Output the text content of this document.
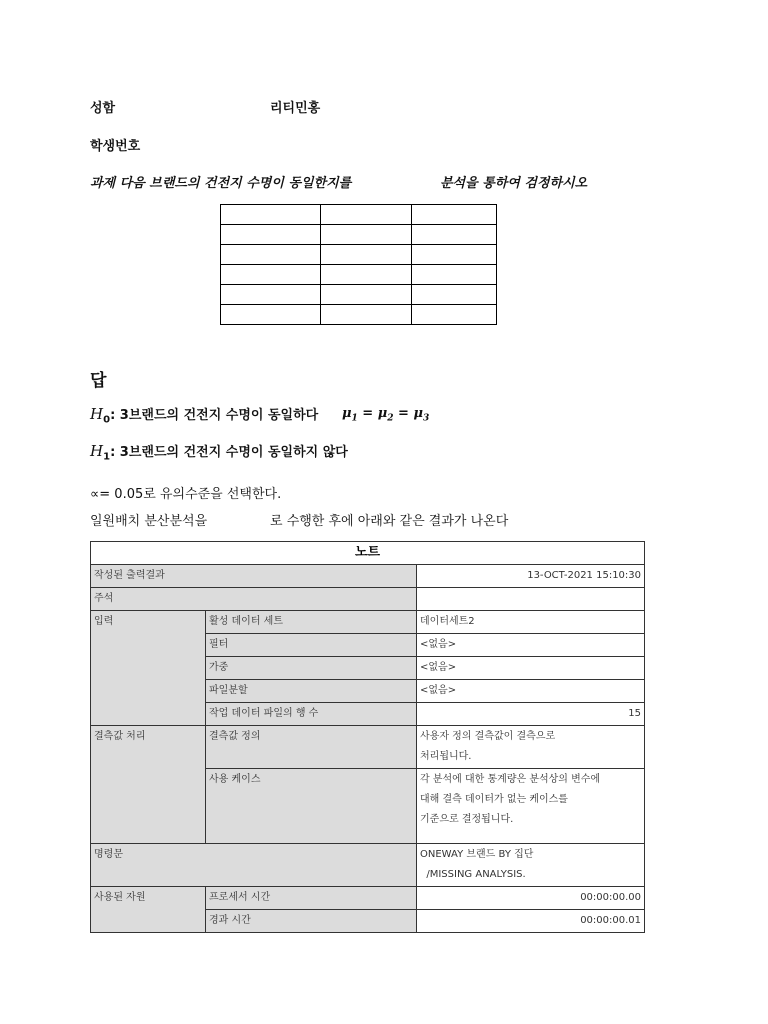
성함	리티민홍
학생번호
과제 다음 브랜드의 건전지 수명이 동일한지를	분석을 통하여 검정하시오

답
$H_0$: 3브랜드의 건전지 수명이 동일하다 $\mu_1 = \mu_2 = \mu_3$
$H_1$: 3브랜드의 건전지 수명이 동일하지 않다
∝= 0.05로 유의수준을 선택한다.
일원배치 분산분석을	로 수행한 후에 아래와 같은 결과가 나온다
노트		
작성된 출력결과		13-OCT-2021 15:10:30
주석		
입력	활성 데이터 세트	데이터세트2
	필터	<없음>
	가중	<없음>
	파일분할	<없음>
	작업 데이터 파일의 행 수	15
결측값 처리	결측값 정의	사용자 정의 결측값이 결측으로
처리됩니다.

	사용 케이스	각 분석에 대한 통계량은 분석상의 변수에
대해 결측 데이터가 없는 케이스를
기준으로 결정됩니다.

명령문		ONEWAY 브랜드 BY 집단
/MISSING ANALYSIS.

사용된 자원	프로세서 시간	00:00:00.00
	경과 시간	00:00:00.01
